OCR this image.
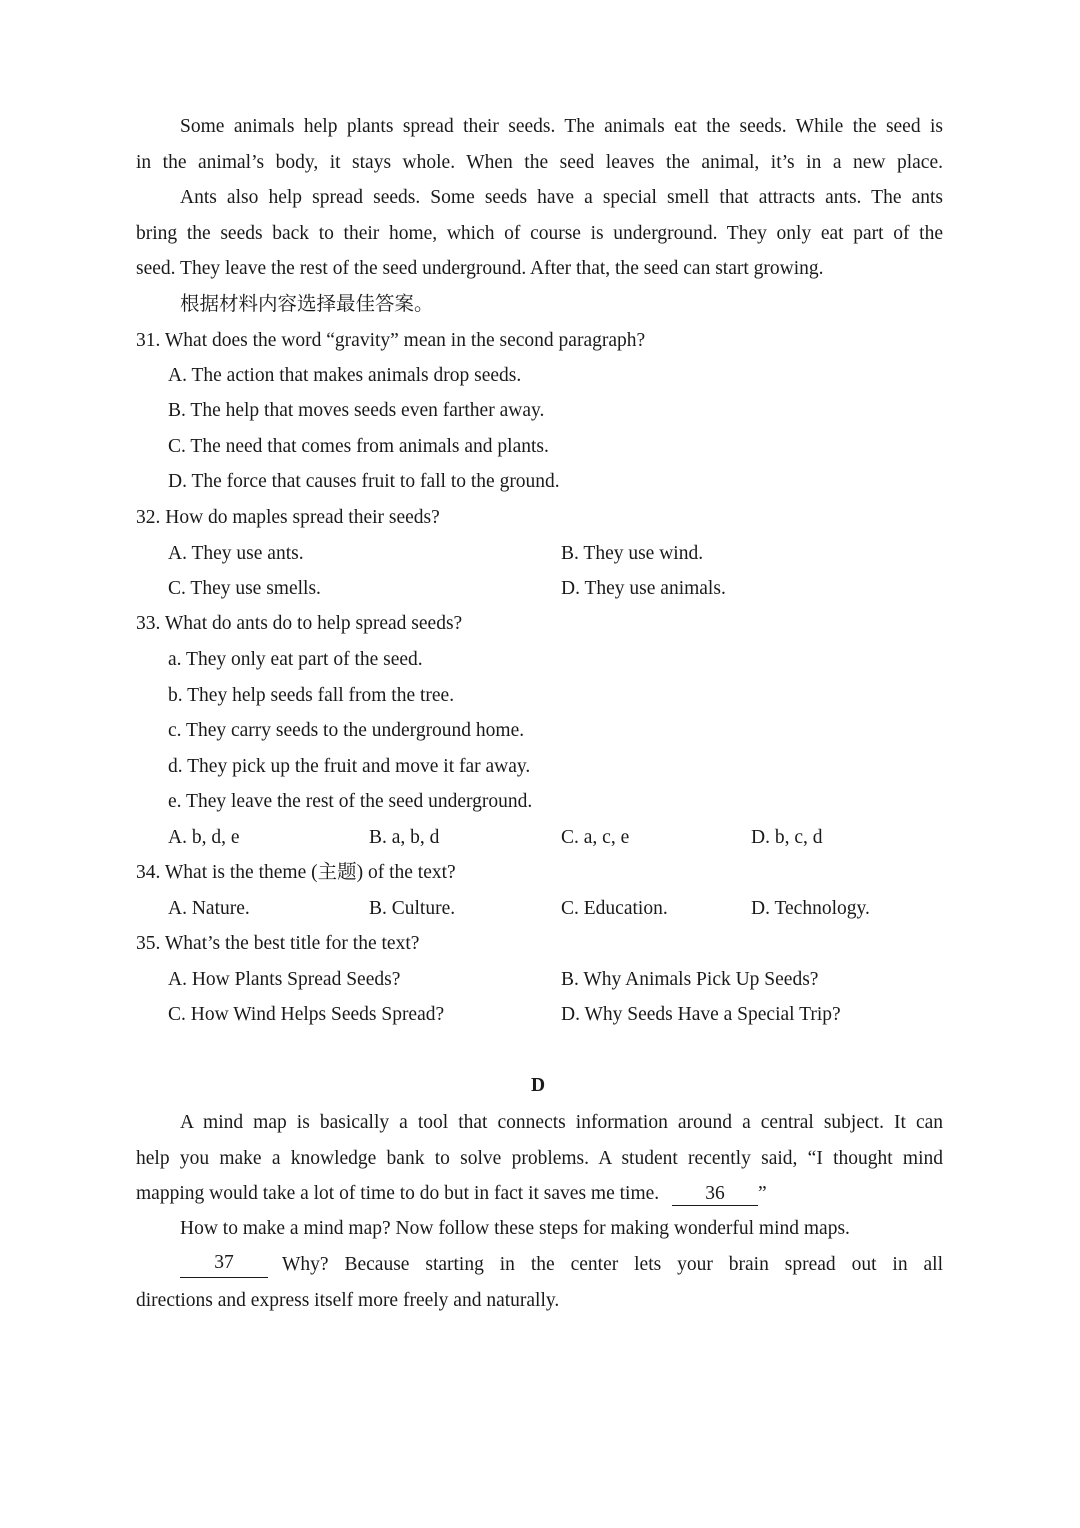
Some animals help plants spread their seeds. The animals eat the seeds. While the seed is
in the animal’s body, it stays whole. When the seed leaves the animal, it’s in a new place.
Ants also help spread seeds. Some seeds have a special smell that attracts ants. The ants
bring the seeds back to their home, which of course is underground. They only eat part of the
seed. They leave the rest of the seed underground. After that, the seed can start growing.
根据材料内容选择最佳答案。
31. What does the word “gravity” mean in the second paragraph?
A. The action that makes animals drop seeds.
B. The help that moves seeds even farther away.
C. The need that comes from animals and plants.
D. The force that causes fruit to fall to the ground.
32. How do maples spread their seeds?
A. They use ants.	B. They use wind.
C. They use smells.	D. They use animals.
33. What do ants do to help spread seeds?
a. They only eat part of the seed.
b. They help seeds fall from the tree.
c. They carry seeds to the underground home.
d. They pick up the fruit and move it far away.
e. They leave the rest of the seed underground.
A. b, d, e	B. a, b, d	C. a, c, e	D. b, c, d
34. What is the theme (主题) of the text?
A. Nature.	B. Culture.	C. Education.	D. Technology.
35. What’s the best title for the text?
A. How Plants Spread Seeds?	B. Why Animals Pick Up Seeds?
C. How Wind Helps Seeds Spread?	D. Why Seeds Have a Special Trip?
D
A mind map is basically a tool that connects information around a central subject. It can
help you make a knowledge bank to solve problems. A student recently said, “I thought mind
mapping would take a lot of time to do but in fact it saves me time. 36 ”
How to make a mind map? Now follow these steps for making wonderful mind maps.
37	Why? Because starting in the center lets your brain spread out in all
directions and express itself more freely and naturally.
